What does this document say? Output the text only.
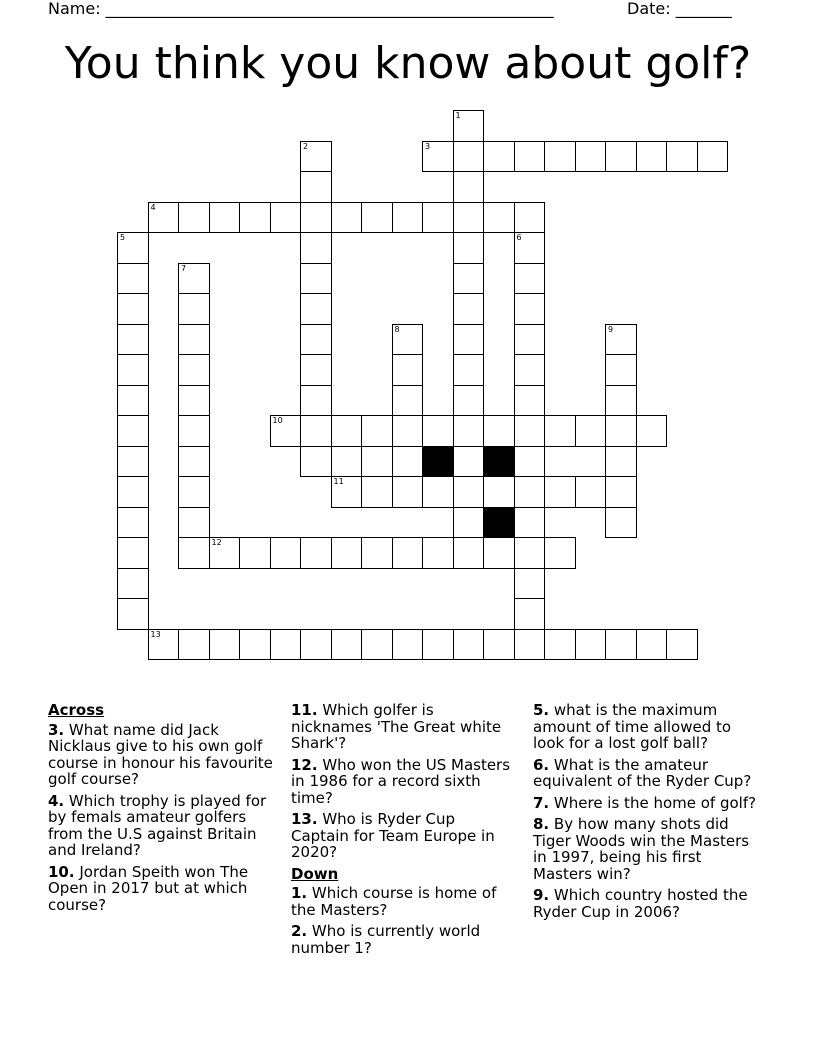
Name: ________________________________________________________	Date: _______
You think you know about golf?
1
2	3
4
5	6
7
8	9
10
11
12
13
Across
3. What name did Jack Nicklaus give to his own golf course in honour his favourite golf course?
4. Which trophy is played for by femals amateur golfers from the U.S against Britain and Ireland?
10. Jordan Speith won The Open in 2017 but at which course?
11. Which golfer is nicknames 'The Great white Shark'?
12. Who won the US Masters in 1986 for a record sixth time?
13. Who is Ryder Cup Captain for Team Europe in 2020?
Down
1. Which course is home of the Masters?
2. Who is currently world number 1?
5. what is the maximum amount of time allowed to look for a lost golf ball?
6. What is the amateur equivalent of the Ryder Cup?
7. Where is the home of golf?
8. By how many shots did Tiger Woods win the Masters in 1997, being his first Masters win?
9. Which country hosted the Ryder Cup in 2006?
